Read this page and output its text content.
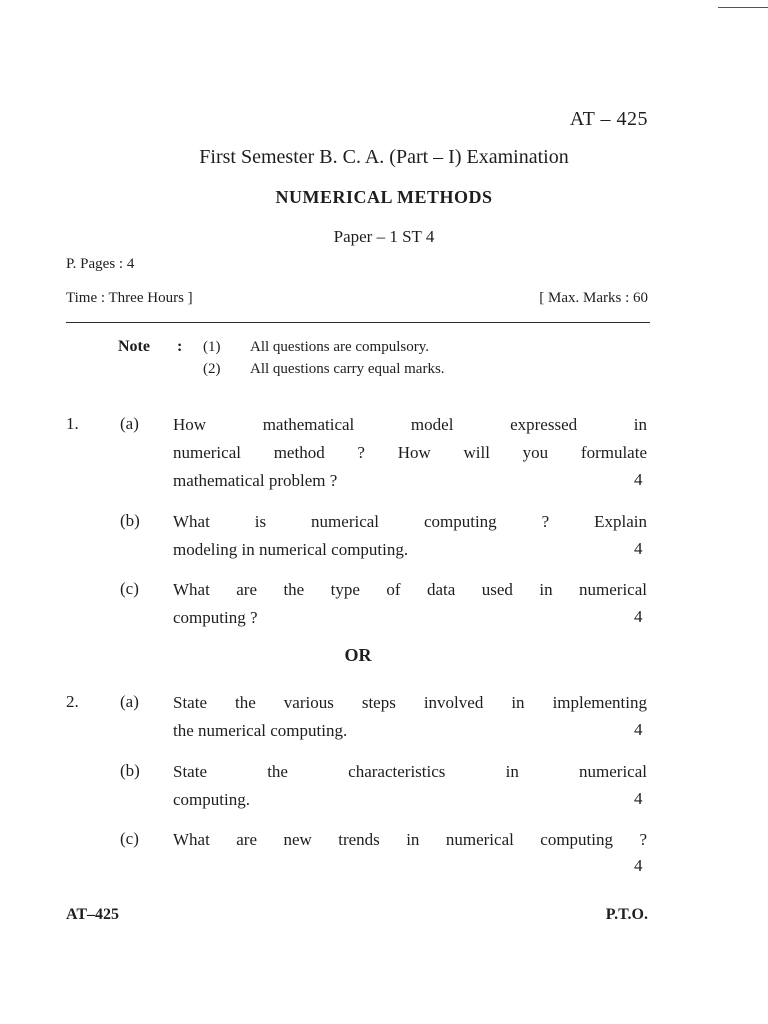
AT – 425
First Semester B. C. A. (Part – I) Examination
NUMERICAL METHODS
Paper – 1 ST 4
P. Pages : 4
Time : Three Hours ]	[ Max. Marks : 60
Note : (1) All questions are compulsory.
(2) All questions carry equal marks.
1. (a) How mathematical model expressed in
numerical method ? How will you formulate
mathematical problem ?	4
(b) What is numerical computing ? Explain
modeling in numerical computing.	4
(c) What are the type of data used in numerical
computing ?	4
OR
2. (a) State the various steps involved in implementing
the numerical computing.	4
(b) State the characteristics in numerical
computing.	4
(c) What are new trends in numerical computing ?
4
AT–425	P.T.O.
